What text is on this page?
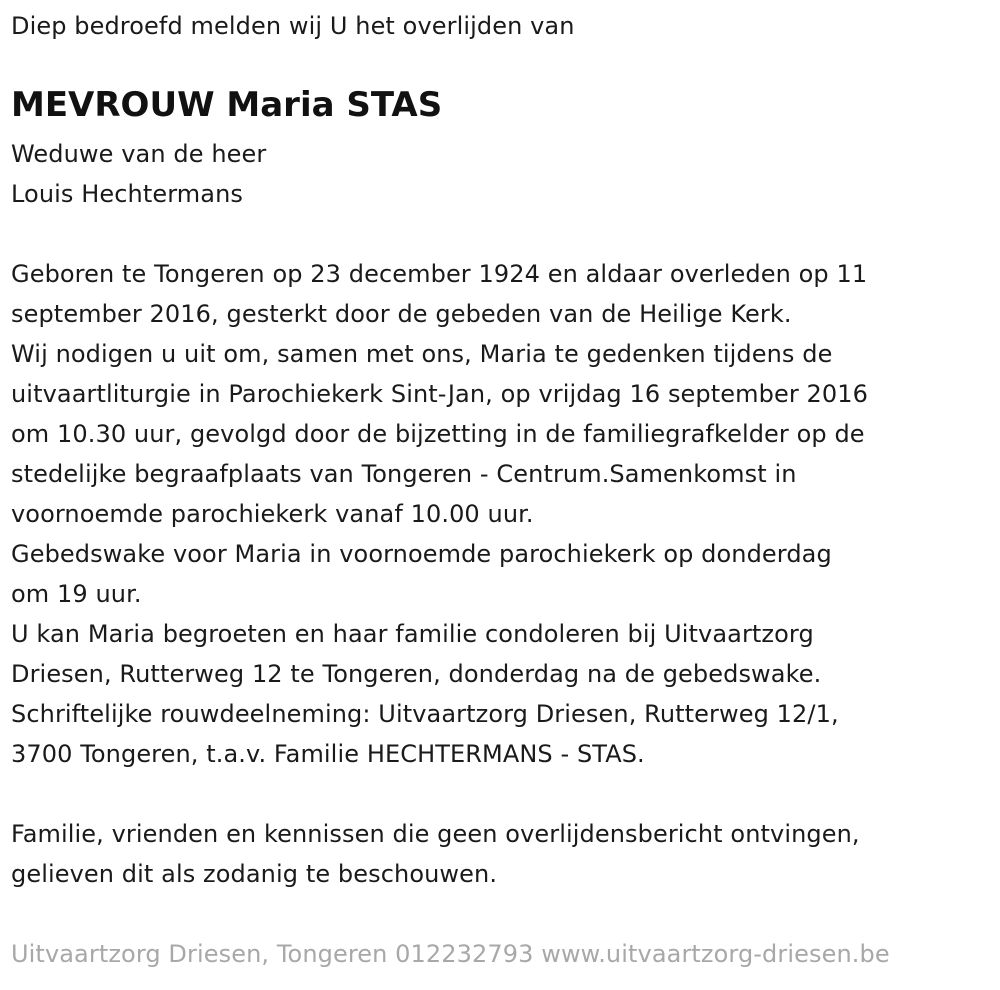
Diep bedroefd melden wij U het overlijden van
MEVROUW Maria STAS
Weduwe van de heer
Louis Hechtermans
Geboren te Tongeren op 23 december 1924 en aldaar overleden op 11
september 2016, gesterkt door de gebeden van de Heilige Kerk.
Wij nodigen u uit om, samen met ons, Maria te gedenken tijdens de
uitvaartliturgie in Parochiekerk Sint-Jan, op vrijdag 16 september 2016
om 10.30 uur, gevolgd door de bijzetting in de familiegrafkelder op de
stedelijke begraafplaats van Tongeren - Centrum.Samenkomst in
voornoemde parochiekerk vanaf 10.00 uur.
Gebedswake voor Maria in voornoemde parochiekerk op donderdag
om 19 uur.
U kan Maria begroeten en haar familie condoleren bij Uitvaartzorg
Driesen, Rutterweg 12 te Tongeren, donderdag na de gebedswake.
Schriftelijke rouwdeelneming: Uitvaartzorg Driesen, Rutterweg 12/1,
3700 Tongeren, t.a.v. Familie HECHTERMANS - STAS.
Familie, vrienden en kennissen die geen overlijdensbericht ontvingen,
gelieven dit als zodanig te beschouwen.
Uitvaartzorg Driesen, Tongeren 012232793 www.uitvaartzorg-driesen.be
